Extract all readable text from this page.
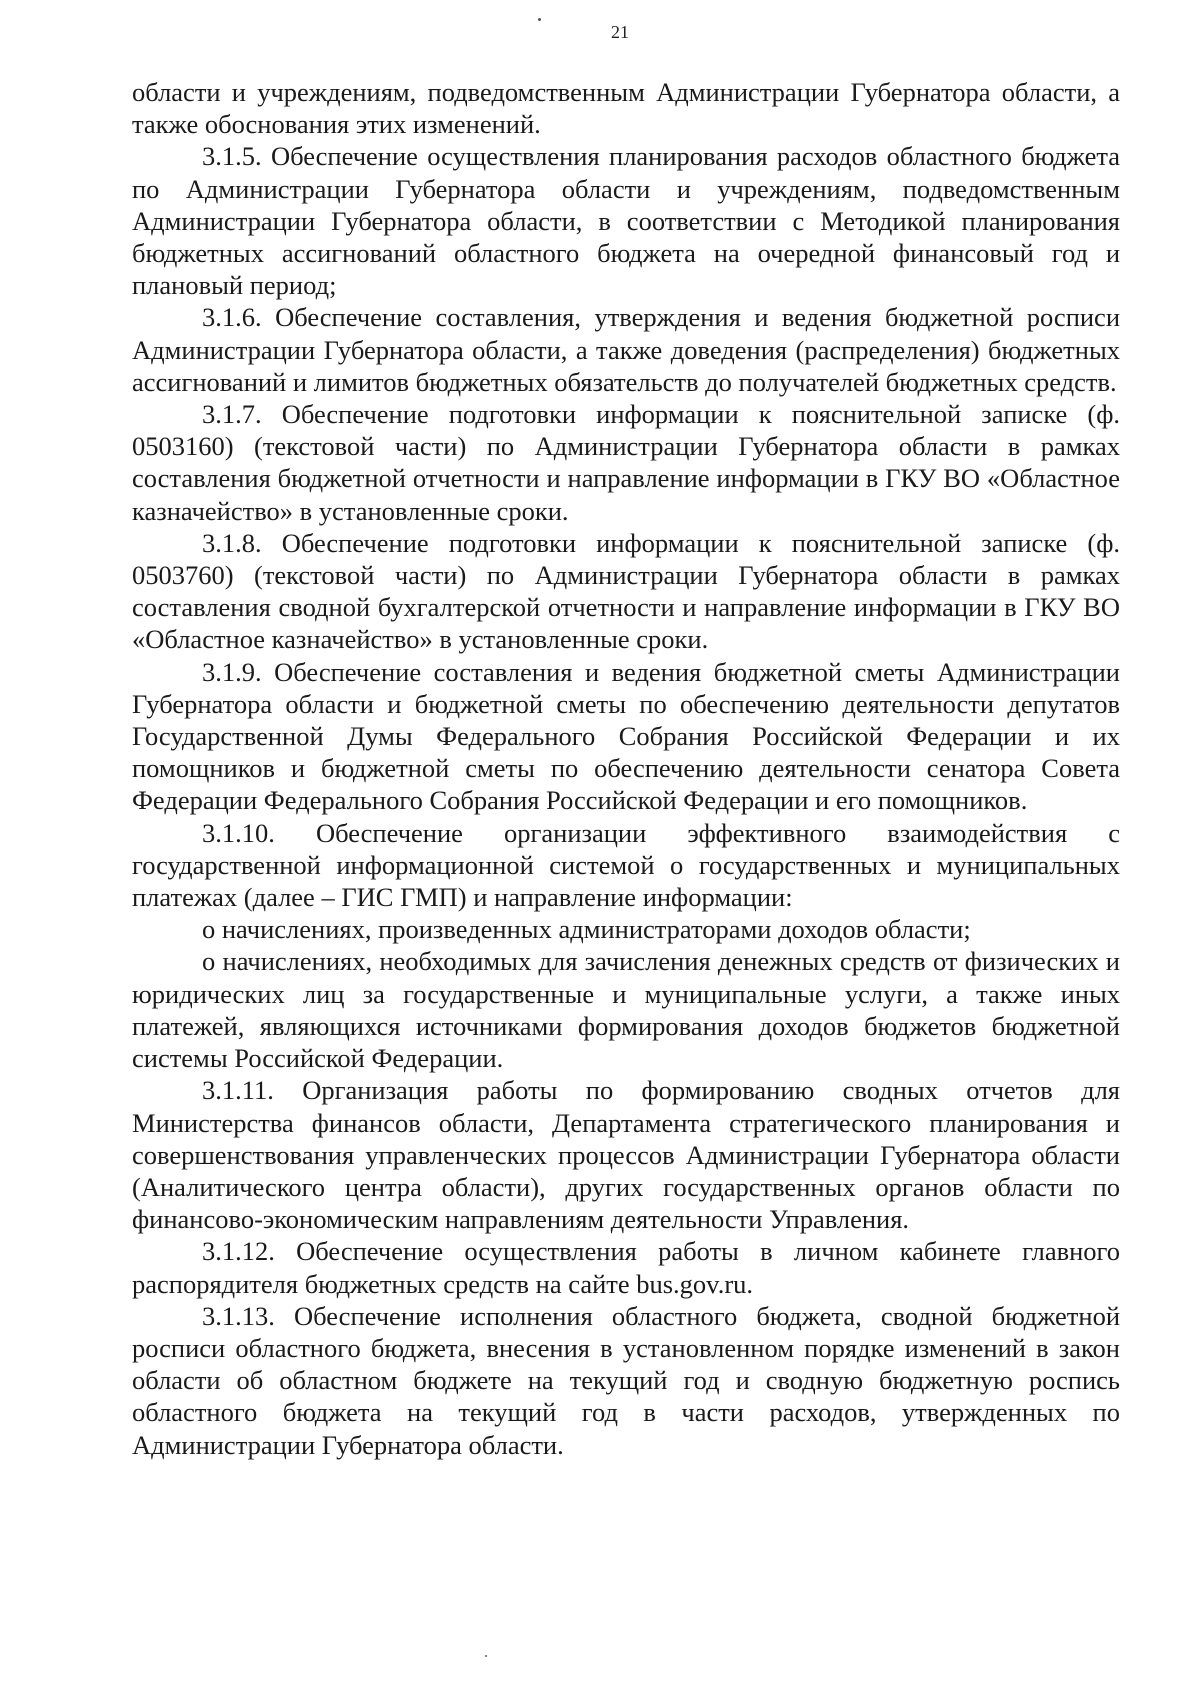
21

области и учреждениям, подведомственным Администрации Губернатора области, а также обоснования этих изменений.

3.1.5. Обеспечение осуществления планирования расходов областного бюджета по Администрации Губернатора области и учреждениям, подведомственным Администрации Губернатора области, в соответствии с Методикой планирования бюджетных ассигнований областного бюджета на очередной финансовый год и плановый период;

3.1.6. Обеспечение составления, утверждения и ведения бюджетной росписи Администрации Губернатора области, а также доведения (распределения) бюджетных ассигнований и лимитов бюджетных обязательств до получателей бюджетных средств.

3.1.7. Обеспечение подготовки информации к пояснительной записке (ф. 0503160) (текстовой части) по Администрации Губернатора области в рамках составления бюджетной отчетности и направление информации в ГКУ ВО «Областное казначейство» в установленные сроки.

3.1.8. Обеспечение подготовки информации к пояснительной записке (ф. 0503760) (текстовой части) по Администрации Губернатора области в рамках составления сводной бухгалтерской отчетности и направление информации в ГКУ ВО «Областное казначейство» в установленные сроки.

3.1.9. Обеспечение составления и ведения бюджетной сметы Администрации Губернатора области и бюджетной сметы по обеспечению деятельности депутатов Государственной Думы Федерального Собрания Российской Федерации и их помощников и бюджетной сметы по обеспечению деятельности сенатора Совета Федерации Федерального Собрания Российской Федерации и его помощников.

3.1.10. Обеспечение организации эффективного взаимодействия с государственной информационной системой о государственных и муниципальных платежах (далее – ГИС ГМП) и направление информации:

о начислениях, произведенных администраторами доходов области;

о начислениях, необходимых для зачисления денежных средств от физических и юридических лиц за государственные и муниципальные услуги, а также иных платежей, являющихся источниками формирования доходов бюджетов бюджетной системы Российской Федерации.

3.1.11. Организация работы по формированию сводных отчетов для Министерства финансов области, Департамента стратегического планирования и совершенствования управленческих процессов Администрации Губернатора области (Аналитического центра области), других государственных органов области по финансово-экономическим направлениям деятельности Управления.

3.1.12. Обеспечение осуществления работы в личном кабинете главного распорядителя бюджетных средств на сайте bus.gov.ru.

3.1.13. Обеспечение исполнения областного бюджета, сводной бюджетной росписи областного бюджета, внесения в установленном порядке изменений в закон области об областном бюджете на текущий год и сводную бюджетную роспись областного бюджета на текущий год в части расходов, утвержденных по Администрации Губернатора области.
